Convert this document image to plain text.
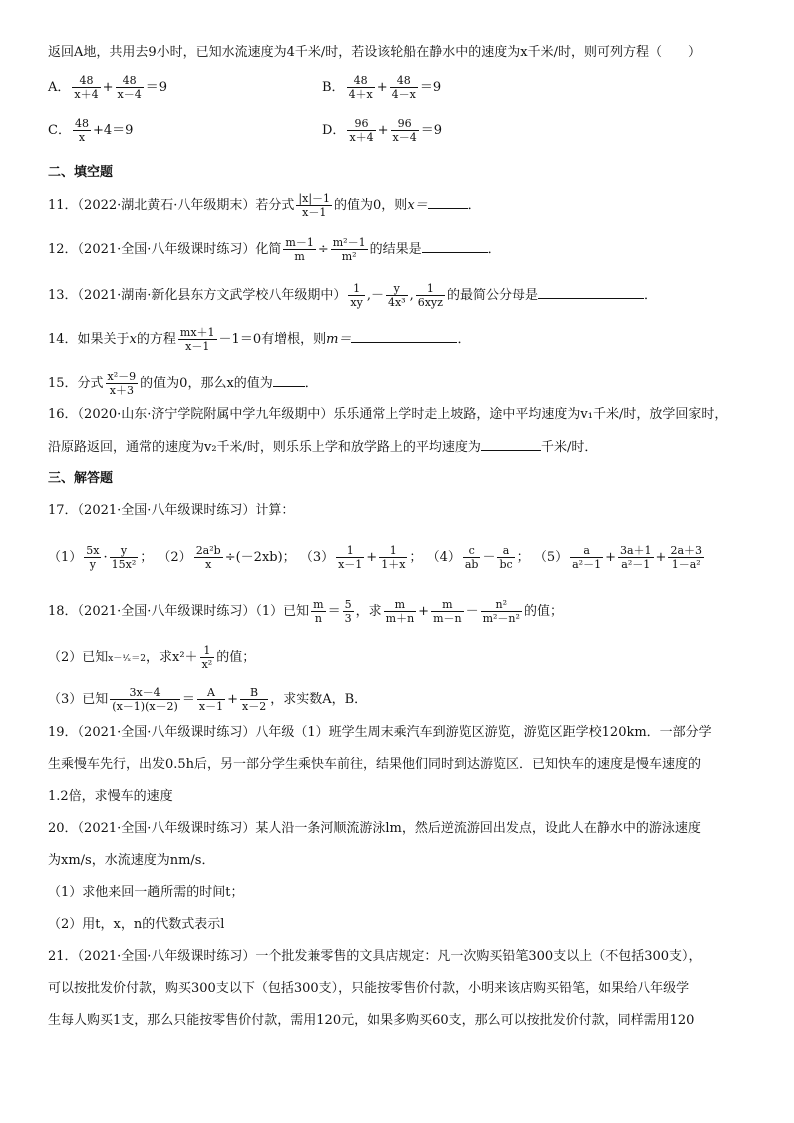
返回A地，共用去9小时，已知水流速度为4千米/时，若设该轮船在静水中的速度为x千米/时，则可列方程（　　）
A． $\frac{48}{x+4} + \frac{48}{x-4} =9$	B． $\frac{48}{4+x} + \frac{48}{4-x} =9$
C． $\frac{48}{x} +4=9$	D． $\frac{96}{x+4} + \frac{96}{x-4} =9$
二、填空题
11．（2022·湖北黄石·八年级期末）若分式 $\frac{|x|-1}{x-1}$ 的值为0，则x＝	．
12．（2021·全国·八年级课时练习）化简 $\frac{m-1}{m} \div \frac{\text{m²－1}}{\text{m²}}$ 的结果是	．
13．（2021·湖南·新化县东方文武学校八年级期中） $\frac{1}{xy}$ ,－ $\frac{y}{\text{4x³}}$ , $\frac{1}{\text{6xyz}}$ 的最简公分母是	．
14．如果关于x的方程 $\frac{mx+1}{x-1} -1=0$有增根，则m＝	．
15．分式 $\frac{\text{x²－9}}{x+3}$ 的值为0，那么x的值为 ．
16．（2020·山东·济宁学院附属中学九年级期中）乐乐通常上学时走上坡路，途中平均速度为v₁千米/时，放学回家时，
沿原路返回，通常的速度为v₂千米/时，则乐乐上学和放学路上的平均速度为	千米/时．
三、解答题
17．（2021·全国·八年级课时练习）计算：
$(1) \frac{5x}{y} \cdot \frac{y}{\text{15x²}}$ ； $(2) \frac{\text{2a²b}}{x} \div(-2xb)$； $(3) \frac{1}{x-1} + \frac{1}{1+x}$ ； $(4) \frac{c}{ab} - \frac{a}{bc}$ ； $(5) \frac{a}{\text{a²－1}} + \frac{3a+1}{\text{a²－1}} + \frac{2a+3}{\text{1－a²}}$
18．（2021·全国·八年级课时练习）（1）已知 $\frac{m}{n} = \frac{5}{3}$ ，求 $\frac{m}{m+n} + \frac{m}{m-n} - \frac{\text{n²}}{\text{m²－n²}}$ 的值；
（2）已知x－¹⁄ₓ＝2，求$x^2+ \frac{1}{\text{x²}}$ 的值；
（3）已知 $\frac{3x-4}{(x-1)(x-2)} = \frac{A}{x-1} + \frac{B}{x-2}$ ，求实数A，B．
19．（2021·全国·八年级课时练习）八年级（1）班学生周末乘汽车到游览区游览，游览区距学校120km．一部分学
生乘慢车先行，出发0.5h后，另一部分学生乘快车前往，结果他们同时到达游览区．已知快车的速度是慢车速度的
1.2倍，求慢车的速度
20．（2021·全国·八年级课时练习）某人沿一条河顺流游泳lm，然后逆流游回出发点，设此人在静水中的游泳速度
为xm/s，水流速度为nm/s．
（1）求他来回一趟所需的时间t；
（2）用t，x，n的代数式表示l
21．（2021·全国·八年级课时练习）一个批发兼零售的文具店规定：凡一次购买铅笔300支以上（不包括300支），
可以按批发价付款，购买300支以下（包括300支），只能按零售价付款，小明来该店购买铅笔，如果给八年级学
生每人购买1支，那么只能按零售价付款，需用120元，如果多购买60支，那么可以按批发价付款，同样需用120
